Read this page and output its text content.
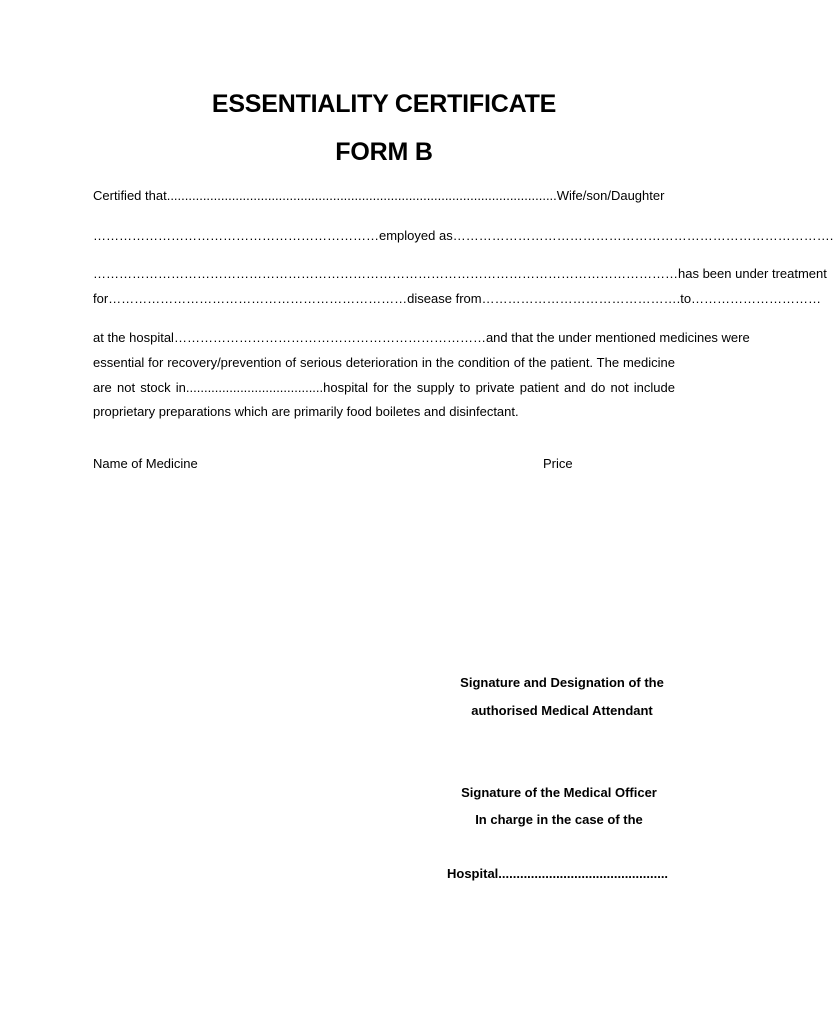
ESSENTIALITY CERTIFICATE
FORM B
Certified that............................................................................................................Wife/son/Daughter
…………………………………………………………employed as…………………………………………………………………………….
………………………………………………………………………………………………………………………has been under treatment
for……………………………………………………………disease from……………………………………….to…………………………
at the hospital………………………………………………………………and that the under mentioned medicines were
essential for recovery/prevention of serious deterioration in the condition of the patient. The medicine
are not stock in......................................hospital for the supply to private patient and do not include
proprietary preparations which are primarily food boiletes and disinfectant.
Name of Medicine	Price
Signature and Designation of the
authorised Medical Attendant
Signature of the Medical Officer
In charge in the case of the
Hospital...............................................
